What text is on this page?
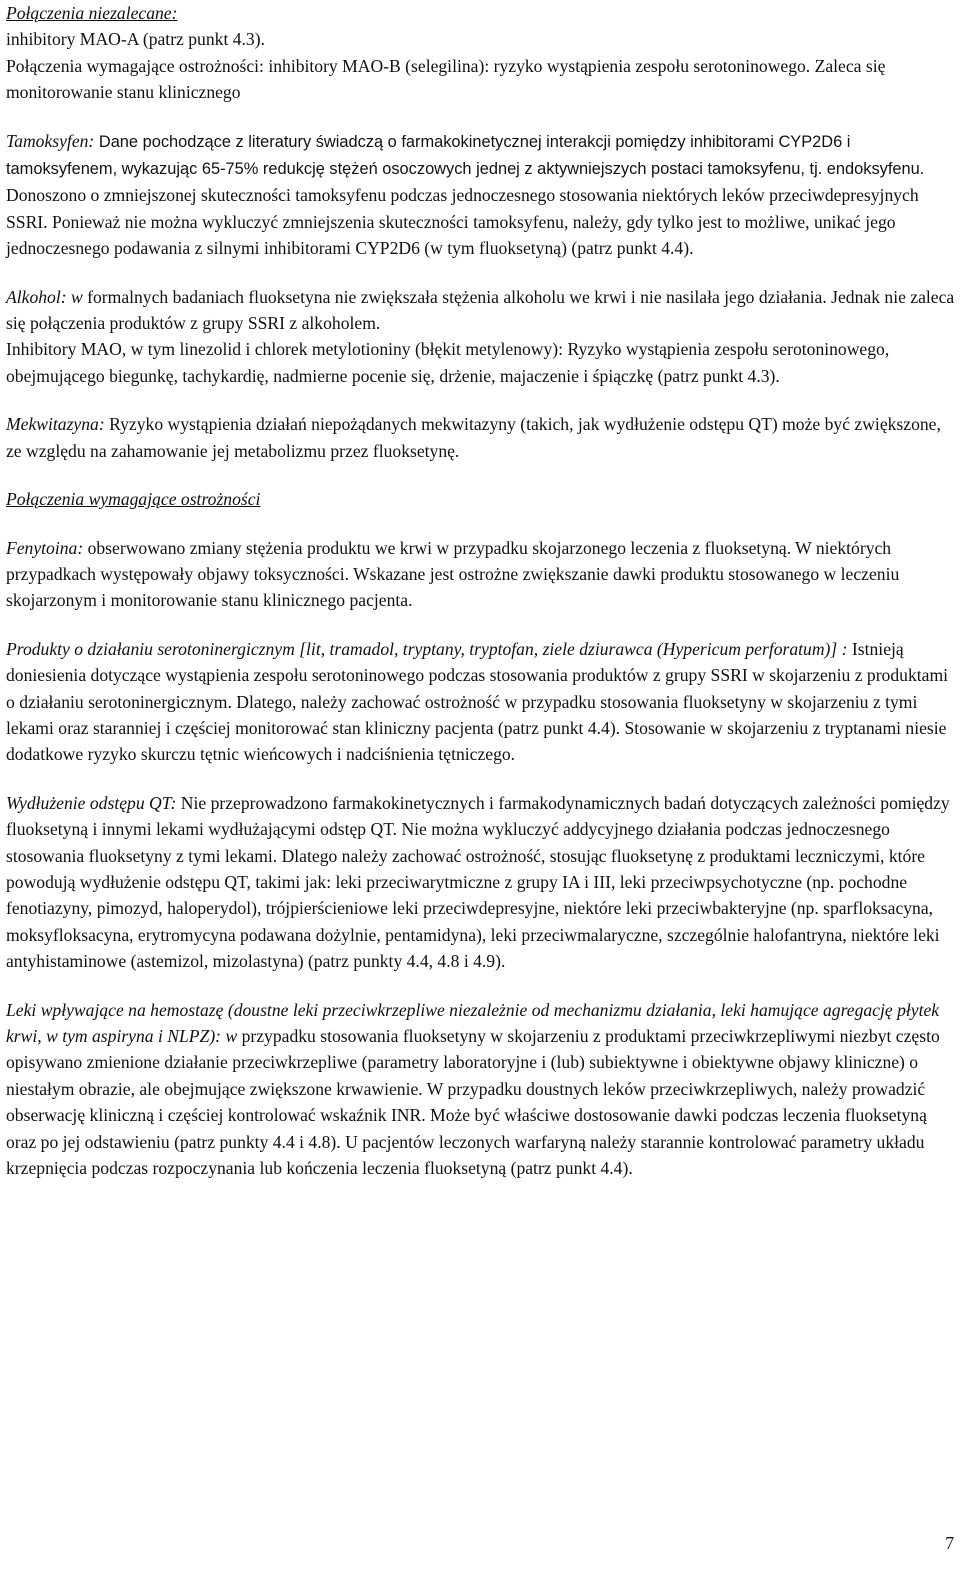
Połączenia niezalecane:
inhibitory MAO-A (patrz punkt 4.3).
Połączenia wymagające ostrożności: inhibitory MAO-B (selegilina): ryzyko wystąpienia zespołu serotoninowego. Zaleca się monitorowanie stanu klinicznego
Tamoksyfen: Dane pochodzące z literatury świadczą o farmakokinetycznej interakcji pomiędzy inhibitorami CYP2D6 i tamoksyfenem, wykazując 65-75% redukcję stężeń osoczowych jednej z aktywniejszych postaci tamoksyfenu, tj. endoksyfenu. Donoszono o zmniejszonej skuteczności tamoksyfenu podczas jednoczesnego stosowania niektórych leków przeciwdepresyjnych SSRI. Ponieważ nie można wykluczyć zmniejszenia skuteczności tamoksyfenu, należy, gdy tylko jest to możliwe, unikać jego jednoczesnego podawania z silnymi inhibitorami CYP2D6 (w tym fluoksetyną) (patrz punkt 4.4).
Alkohol: w formalnych badaniach fluoksetyna nie zwiększała stężenia alkoholu we krwi i nie nasilała jego działania. Jednak nie zaleca się połączenia produktów z grupy SSRI z alkoholem.
Inhibitory MAO, w tym linezolid i chlorek metylotioniny (błękit metylenowy): Ryzyko wystąpienia zespołu serotoninowego, obejmującego biegunkę, tachykardię, nadmierne pocenie się, drżenie, majaczenie i śpiączkę (patrz punkt 4.3).
Mekwitazyna: Ryzyko wystąpienia działań niepożądanych mekwitazyny (takich, jak wydłużenie odstępu QT) może być zwiększone, ze względu na zahamowanie jej metabolizmu przez fluoksetynę.
Połączenia wymagające ostrożności
Fenytoina: obserwowano zmiany stężenia produktu we krwi w przypadku skojarzonego leczenia z fluoksetyną. W niektórych przypadkach występowały objawy toksyczności. Wskazane jest ostrożne zwiększanie dawki produktu stosowanego w leczeniu skojarzonym i monitorowanie stanu klinicznego pacjenta.
Produkty o działaniu serotoninergicznym [lit, tramadol, tryptany, tryptofan, ziele dziurawca (Hypericum perforatum)] : Istnieją doniesienia dotyczące wystąpienia zespołu serotoninowego podczas stosowania produktów z grupy SSRI w skojarzeniu z produktami o działaniu serotoninergicznym. Dlatego, należy zachować ostrożność w przypadku stosowania fluoksetyny w skojarzeniu z tymi lekami oraz staranniej i częściej monitorować stan kliniczny pacjenta (patrz punkt 4.4). Stosowanie w skojarzeniu z tryptanami niesie dodatkowe ryzyko skurczu tętnic wieńcowych i nadciśnienia tętniczego.
Wydłużenie odstępu QT: Nie przeprowadzono farmakokinetycznych i farmakodynamicznych badań dotyczących zależności pomiędzy fluoksetyną i innymi lekami wydłużającymi odstęp QT. Nie można wykluczyć addycyjnego działania podczas jednoczesnego stosowania fluoksetyny z tymi lekami. Dlatego należy zachować ostrożność, stosując fluoksetynę z produktami leczniczymi, które powodują wydłużenie odstępu QT, takimi jak: leki przeciwarytmiczne z grupy IA i III, leki przeciwpsychotyczne (np. pochodne fenotiazyny, pimozyd, haloperydol), trójpierścieniowe leki przeciwdepresyjne, niektóre leki przeciwbakteryjne (np. sparfloksacyna, moksyfloksacyna, erytromycyna podawana dożylnie, pentamidyna), leki przeciwmalaryczne, szczególnie halofantryna, niektóre leki antyhistaminowe (astemizol, mizolastyna) (patrz punkty 4.4, 4.8 i 4.9).
Leki wpływające na hemostazę (doustne leki przeciwkrzepliwe niezależnie od mechanizmu działania, leki hamujące agregację płytek krwi, w tym aspiryna i NLPZ): w przypadku stosowania fluoksetyny w skojarzeniu z produktami przeciwkrzepliwymi niezbyt często opisywano zmienione działanie przeciwkrzepliwe (parametry laboratoryjne i (lub) subiektywne i obiektywne objawy kliniczne) o niestałym obrazie, ale obejmujące zwiększone krwawienie. W przypadku doustnych leków przeciwkrzepliwych, należy prowadzić obserwację kliniczną i częściej kontrolować wskaźnik INR. Może być właściwe dostosowanie dawki podczas leczenia fluoksetyną oraz po jej odstawieniu (patrz punkty 4.4 i 4.8). U pacjentów leczonych warfaryną należy starannie kontrolować parametry układu krzepnięcia podczas rozpoczynania lub kończenia leczenia fluoksetyną (patrz punkt 4.4).
7
